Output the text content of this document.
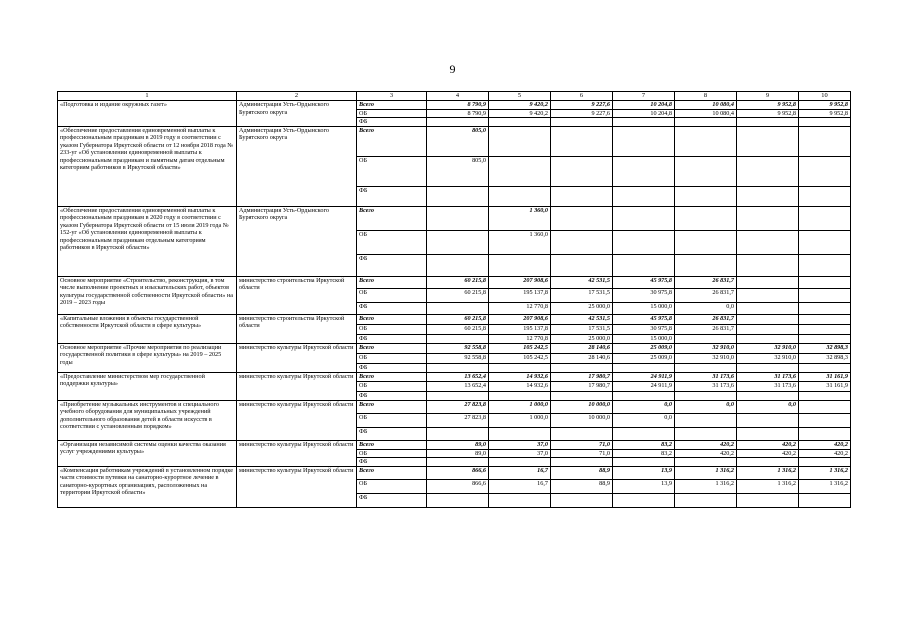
9
1	2	3	4	5	6	7	8	9	10
«Подготовка и издание окружных газет»	Администрация Усть-Ордынского Бурятского округа	Всего	8 790,9	9 420,2	9 227,6	10 204,8	10 080,4	9 952,8	9 952,8
		ОБ	8 790,9	9 420,2	9 227,6	10 204,8	10 080,4	9 952,8	9 952,8
		ФБ							
«Обеспечение предоставления единовременной выплаты к профессиональным праздникам в 2019 году в соответствии с указом Губернатора Иркутской области от 12 ноября 2018 года № 233-уг «Об установлении единовременной выплаты к профессиональным праздникам и памятным датам отдельным категориям работников в Иркутской области»	Администрация Усть-Ордынского Бурятского округа	Всего	805,0						
		ОБ	805,0						
		ФБ							
«Обеспечение предоставления единовременной выплаты к профессиональным праздникам в 2020 году в соответствии с указом Губернатора Иркутской области от 15 июля 2019 года № 152-уг «Об установлении единовременной выплаты к профессиональным праздникам отдельным категориям работников в Иркутской области»	Администрация Усть-Ордынского Бурятского округа	Всего		1 360,0					
		ОБ		1 360,0					
		ФБ							
Основное мероприятие «Строительство, реконструкция, в том числе выполнение проектных и изыскательских работ, объектов культуры государственной собственности Иркутской области» на 2019 – 2023 годы	министерство строительства Иркутской области	Всего	60 215,8	207 908,6	42 531,5	45 975,8	26 831,7		
		ОБ	60 215,8	195 137,8	17 531,5	30 975,8	26 831,7		
		ФБ		12 770,8	25 000,0	15 000,0	0,0		
«Капитальные вложения в объекты государственной собственности Иркутской области в сфере культуры»	министерство строительства Иркутской области	Всего	60 215,8	207 908,6	42 531,5	45 975,8	26 831,7		
		ОБ	60 215,8	195 137,8	17 531,5	30 975,8	26 831,7		
		ФБ		12 770,8	25 000,0	15 000,0			
Основное мероприятие «Прочие мероприятия по реализации государственной политики в сфере культуры» на 2019 – 2025 годы	министерство культуры Иркутской области	Всего	92 558,8	105 242,5	28 140,6	25 009,0	32 910,0	32 910,0	32 898,3
		ОБ	92 558,8	105 242,5	28 140,6	25 009,0	32 910,0	32 910,0	32 898,3
		ФБ							
«Предоставление министерством мер государственной поддержки культуры»	министерство культуры Иркутской области	Всего	13 652,4	14 932,6	17 980,7	24 911,9	31 173,6	31 173,6	31 161,9
		ОБ	13 652,4	14 932,6	17 980,7	24 911,9	31 173,6	31 173,6	31 161,9
		ФБ							
«Приобретение музыкальных инструментов и специального учебного оборудования для муниципальных учреждений дополнительного образования детей в области искусств в соответствии с установленным порядком»	министерство культуры Иркутской области	Всего	27 823,8	1 000,0	10 000,0	0,0	0,0	0,0	
		ОБ	27 823,8	1 000,0	10 000,0	0,0			
		ФБ							
«Организация независимой системы оценки качества оказания услуг учреждениями культуры»	министерство культуры Иркутской области	Всего	89,0	37,0	71,0	83,2	420,2	420,2	420,2
		ОБ	89,0	37,0	71,0	83,2	420,2	420,2	420,2
		ФБ							
«Компенсация работникам учреждений в установленном порядке части стоимости путевки на санаторно-курортное лечение в санаторно-курортных организациях, расположенных на территории Иркутской области»	министерство культуры Иркутской области	Всего	866,6	16,7	88,9	13,9	1 316,2	1 316,2	1 316,2
		ОБ	866,6	16,7	88,9	13,9	1 316,2	1 316,2	1 316,2
		ФБ							
